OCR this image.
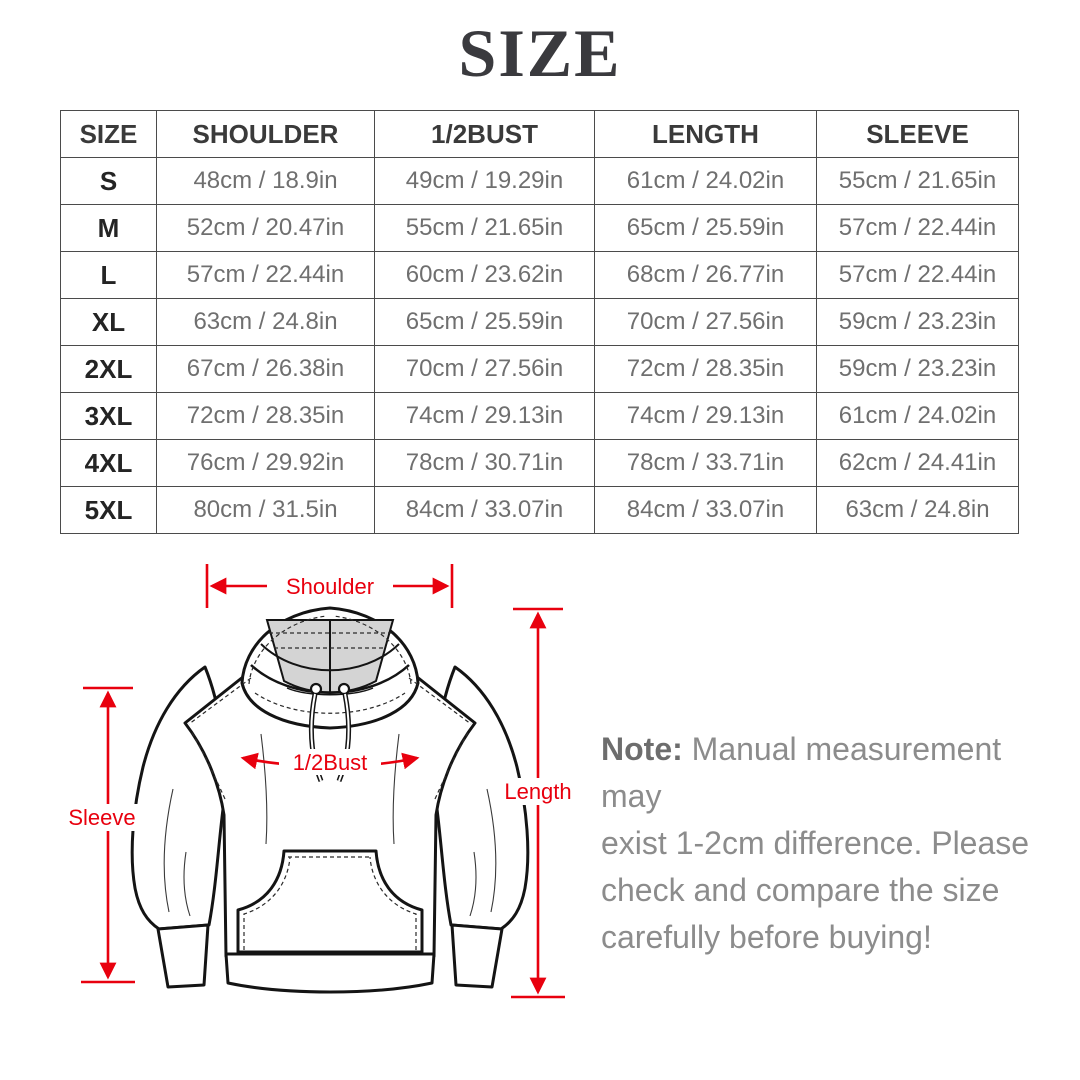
SIZE
SIZE	SHOULDER	1/2BUST	LENGTH	SLEEVE
S	48cm / 18.9in	49cm / 19.29in	61cm / 24.02in	55cm / 21.65in
M	52cm / 20.47in	55cm / 21.65in	65cm / 25.59in	57cm / 22.44in
L	57cm / 22.44in	60cm / 23.62in	68cm / 26.77in	57cm / 22.44in
XL	63cm / 24.8in	65cm / 25.59in	70cm / 27.56in	59cm / 23.23in
2XL	67cm / 26.38in	70cm / 27.56in	72cm / 28.35in	59cm / 23.23in
3XL	72cm / 28.35in	74cm / 29.13in	74cm / 29.13in	61cm / 24.02in
4XL	76cm / 29.92in	78cm / 30.71in	78cm / 33.71in	62cm / 24.41in
5XL	80cm / 31.5in	84cm / 33.07in	84cm / 33.07in	63cm / 24.8in
Shoulder
1/2Bust
Length
Sleeve
Note: Manual measurement may
exist 1-2cm difference. Please
check and compare the size
carefully before buying!
